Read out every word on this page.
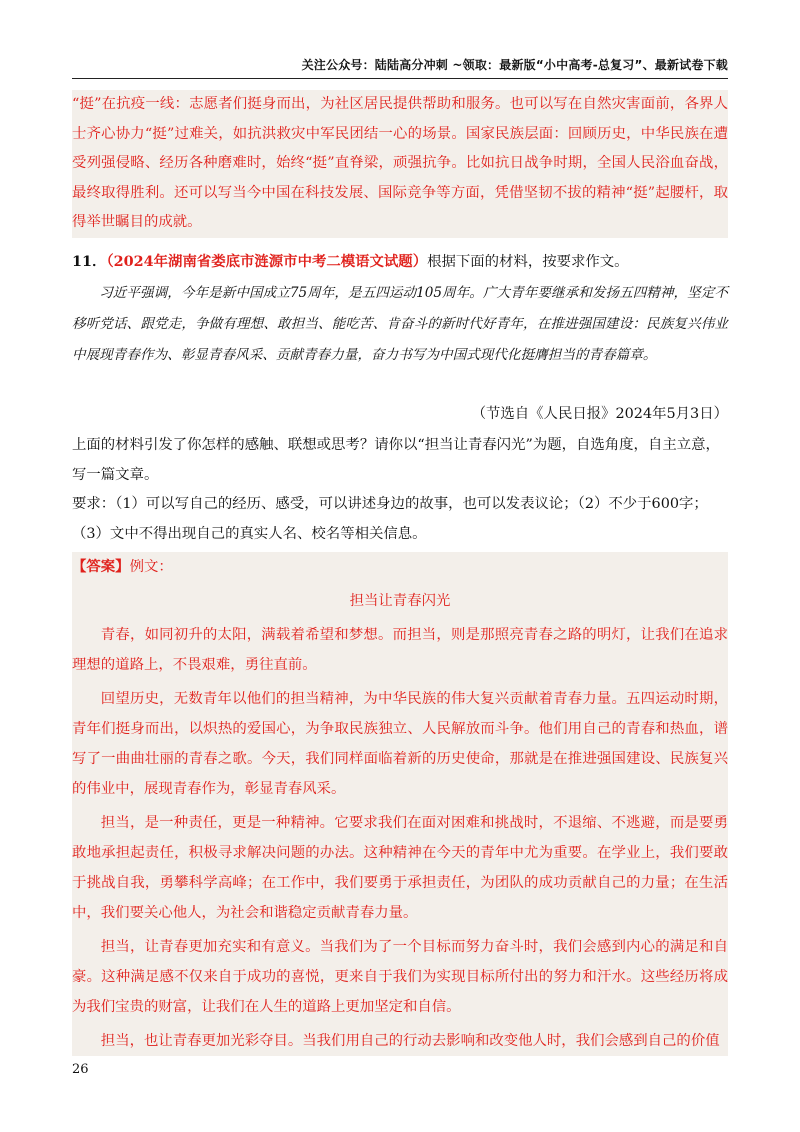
关注公众号：陆陆高分冲刺 ~领取：最新版“小中高考-总复习”、最新试卷下载
“挺”在抗疫一线：志愿者们挺身而出，为社区居民提供帮助和服务。也可以写在自然灾害面前，各界人士齐心协力“挺”过难关，如抗洪救灾中军民团结一心的场景。国家民族层面：回顾历史，中华民族在遭受列强侵略、经历各种磨难时，始终“挺”直脊梁，顽强抗争。比如抗日战争时期，全国人民浴血奋战，最终取得胜利。还可以写当今中国在科技发展、国际竞争等方面，凭借坚韧不拔的精神“挺”起腰杆，取得举世瞩目的成就。
11．（2024年湖南省娄底市涟源市中考二模语文试题）根据下面的材料，按要求作文。
习近平强调，今年是新中国成立75周年，是五四运动105周年。广大青年要继承和发扬五四精神，坚定不移听党话、跟党走，争做有理想、敢担当、能吃苦、肯奋斗的新时代好青年，在推进强国建设：民族复兴伟业中展现青春作为、彰显青春风采、贡献青春力量，奋力书写为中国式现代化挺膺担当的青春篇章。
（节选自《人民日报》2024年5月3日）
上面的材料引发了你怎样的感触、联想或思考？请你以“担当让青春闪光”为题，自选角度，自主立意，写一篇文章。
要求：（1）可以写自己的经历、感受，可以讲述身边的故事，也可以发表议论；（2）不少于600字；
（3）文中不得出现自己的真实人名、校名等相关信息。
【答案】例文：
担当让青春闪光

青春，如同初升的太阳，满载着希望和梦想。而担当，则是那照亮青春之路的明灯，让我们在追求理想的道路上，不畏艰难，勇往直前。

回望历史，无数青年以他们的担当精神，为中华民族的伟大复兴贡献着青春力量。五四运动时期，青年们挺身而出，以炽热的爱国心，为争取民族独立、人民解放而斗争。他们用自己的青春和热血，谱写了一曲曲壮丽的青春之歌。今天，我们同样面临着新的历史使命，那就是在推进强国建设、民族复兴的伟业中，展现青春作为，彰显青春风采。

担当，是一种责任，更是一种精神。它要求我们在面对困难和挑战时，不退缩、不逃避，而是要勇敢地承担起责任，积极寻求解决问题的办法。这种精神在今天的青年中尤为重要。在学业上，我们要敢于挑战自我，勇攀科学高峰；在工作中，我们要勇于承担责任，为团队的成功贡献自己的力量；在生活中，我们要关心他人，为社会和谐稳定贡献青春力量。

担当，让青春更加充实和有意义。当我们为了一个目标而努力奋斗时，我们会感到内心的满足和自豪。这种满足感不仅来自于成功的喜悦，更来自于我们为实现目标所付出的努力和汗水。这些经历将成为我们宝贵的财富，让我们在人生的道路上更加坚定和自信。

担当，也让青春更加光彩夺目。当我们用自己的行动去影响和改变他人时，我们会感到自己的价值

26
